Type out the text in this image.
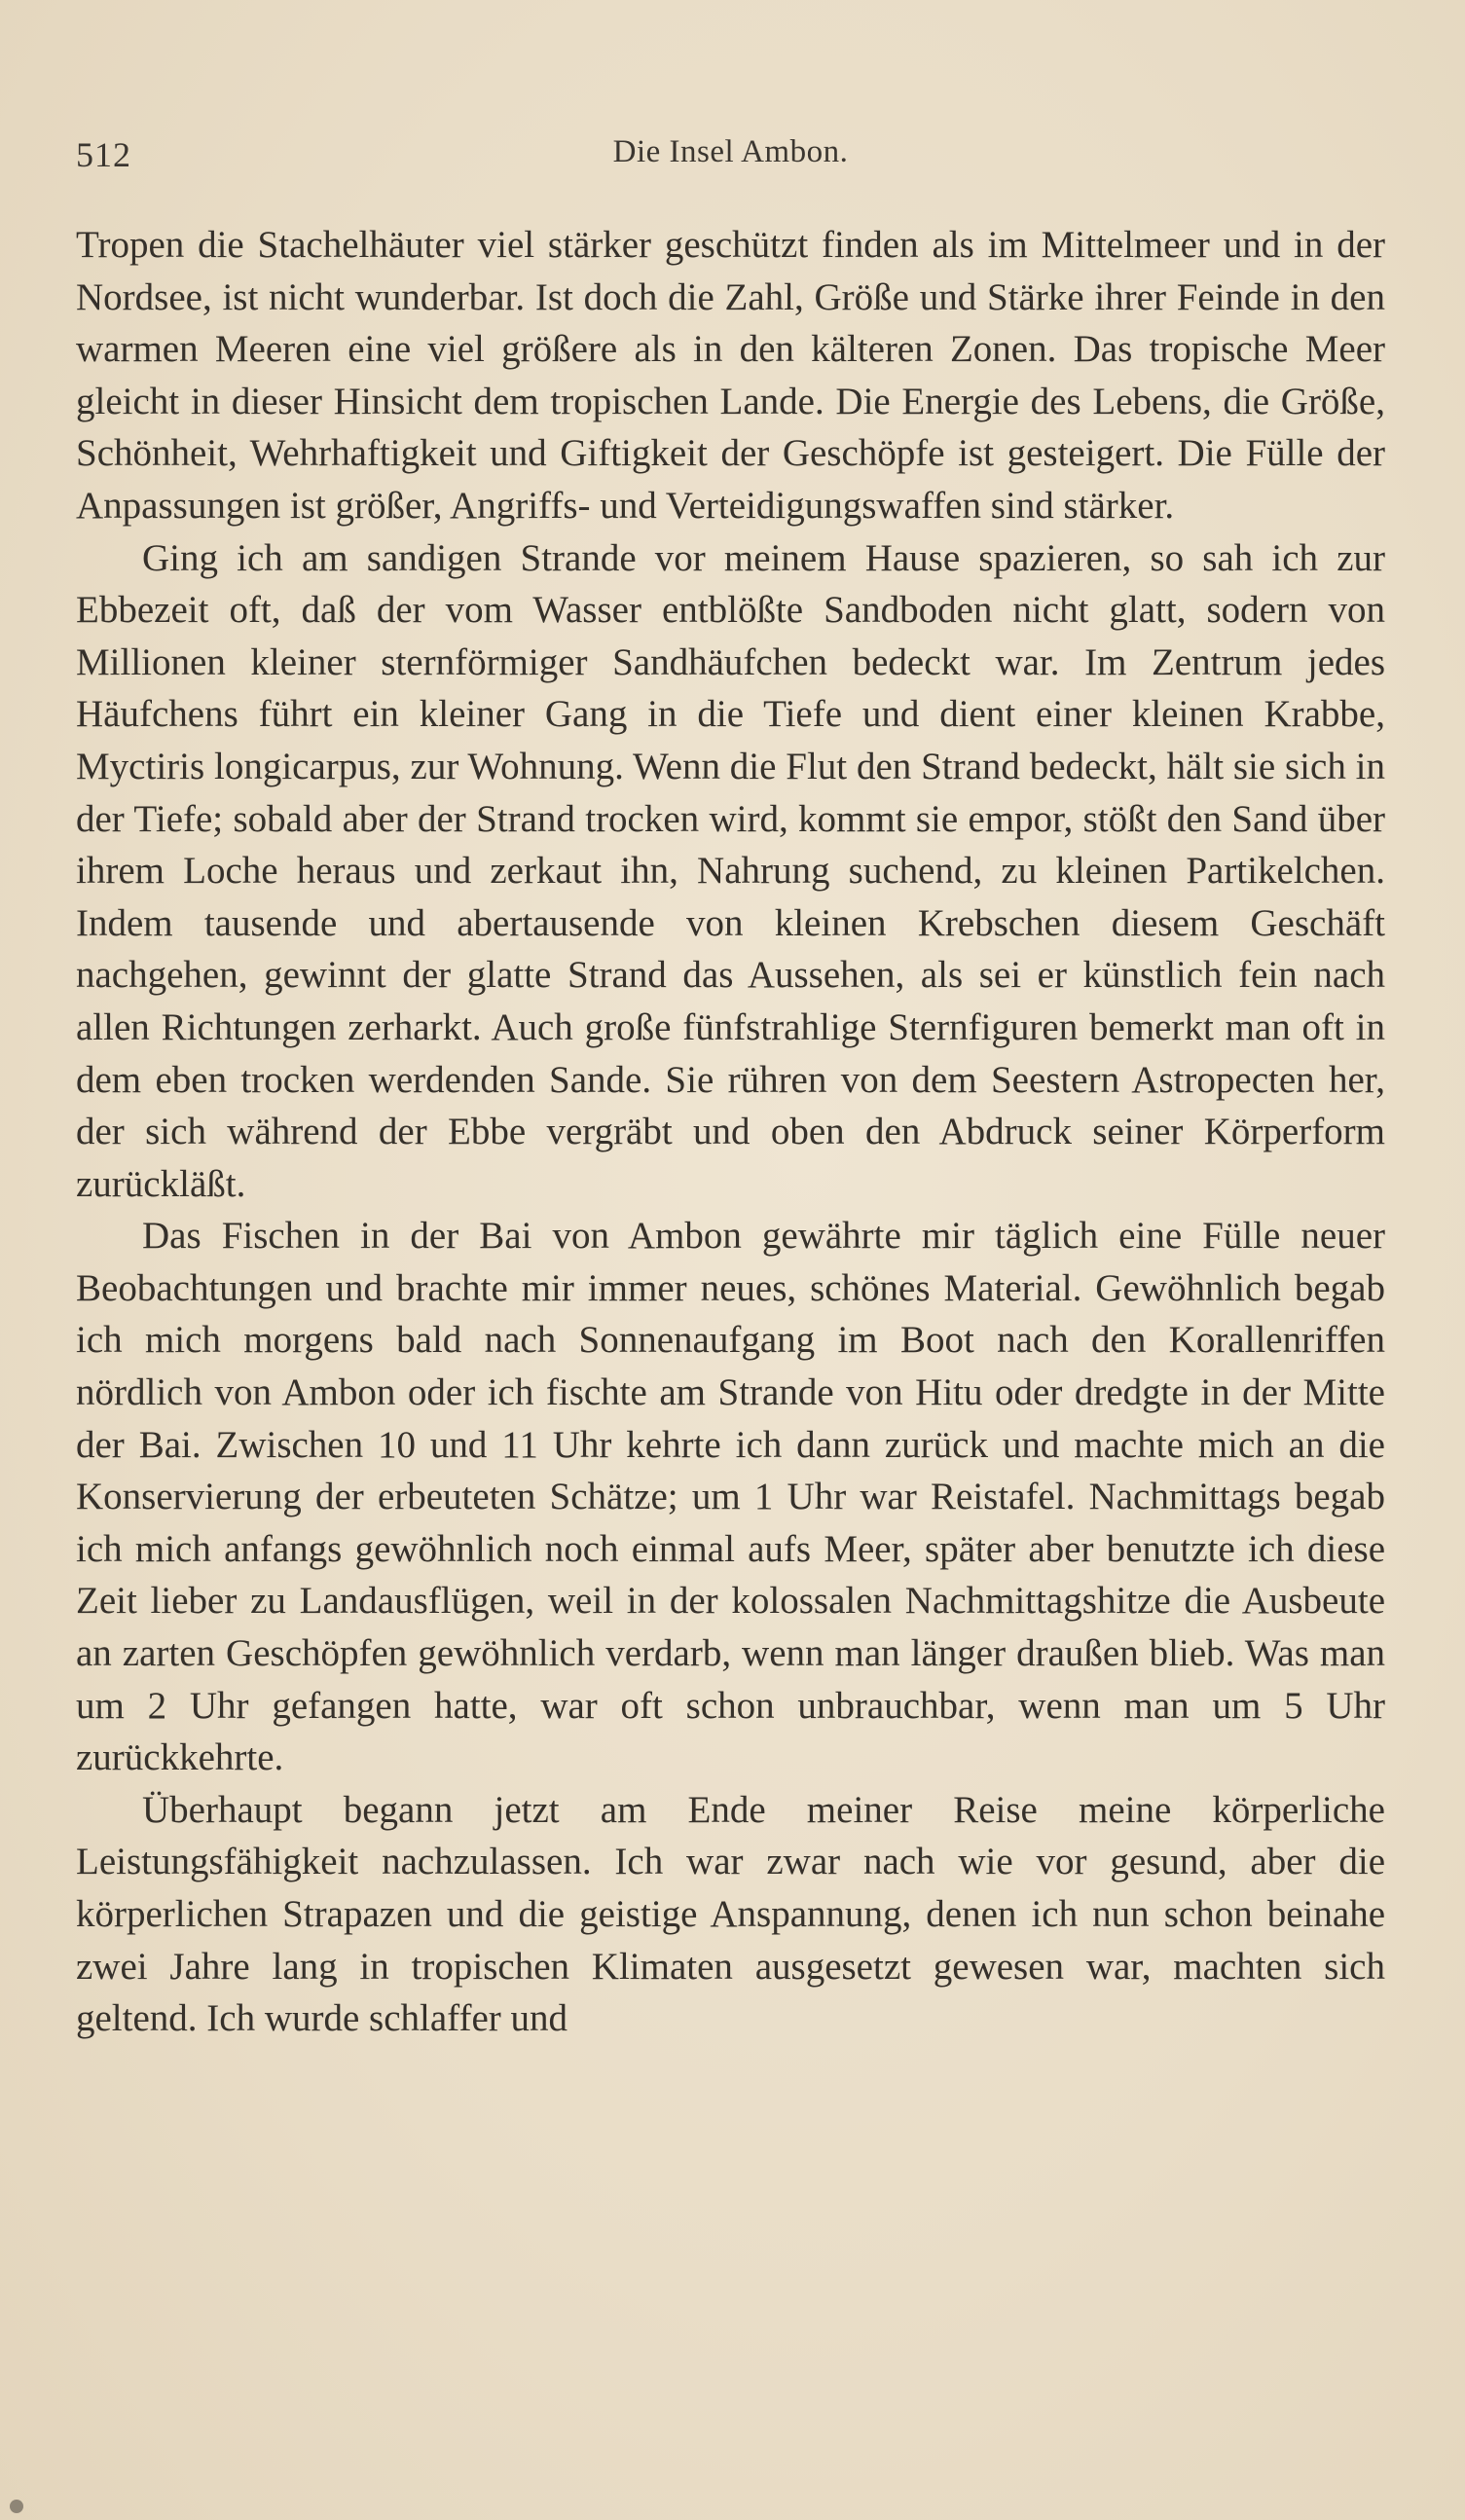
512	Die Insel Ambon.

Tropen die Stachelhäuter viel stärker geschützt finden als im Mittelmeer und in der Nordsee, ist nicht wunderbar. Ist doch die Zahl, Größe und Stärke ihrer Feinde in den warmen Meeren eine viel größere als in den kälteren Zonen. Das tropische Meer gleicht in dieser Hinsicht dem tropischen Lande. Die Energie des Lebens, die Größe, Schönheit, Wehrhaftigkeit und Giftigkeit der Geschöpfe ist gesteigert. Die Fülle der Anpassungen ist größer, Angriffs- und Verteidigungswaffen sind stärker.

Ging ich am sandigen Strande vor meinem Hause spazieren, so sah ich zur Ebbezeit oft, daß der vom Wasser entblößte Sandboden nicht glatt, sodern von Millionen kleiner sternförmiger Sandhäufchen bedeckt war. Im Zentrum jedes Häufchens führt ein kleiner Gang in die Tiefe und dient einer kleinen Krabbe, Myctiris longicarpus, zur Wohnung. Wenn die Flut den Strand bedeckt, hält sie sich in der Tiefe; sobald aber der Strand trocken wird, kommt sie empor, stößt den Sand über ihrem Loche heraus und zerkaut ihn, Nahrung suchend, zu kleinen Partikelchen. Indem tausende und abertausende von kleinen Krebschen diesem Geschäft nachgehen, gewinnt der glatte Strand das Aussehen, als sei er künstlich fein nach allen Richtungen zerharkt. Auch große fünfstrahlige Sternfiguren bemerkt man oft in dem eben trocken werdenden Sande. Sie rühren von dem Seestern Astropecten her, der sich während der Ebbe vergräbt und oben den Abdruck seiner Körperform zurückläßt.

Das Fischen in der Bai von Ambon gewährte mir täglich eine Fülle neuer Beobachtungen und brachte mir immer neues, schönes Material. Gewöhnlich begab ich mich morgens bald nach Sonnenaufgang im Boot nach den Korallenriffen nördlich von Ambon oder ich fischte am Strande von Hitu oder dredgte in der Mitte der Bai. Zwischen 10 und 11 Uhr kehrte ich dann zurück und machte mich an die Konservierung der erbeuteten Schätze; um 1 Uhr war Reistafel. Nachmittags begab ich mich anfangs gewöhnlich noch einmal aufs Meer, später aber benutzte ich diese Zeit lieber zu Landausflügen, weil in der kolossalen Nachmittagshitze die Ausbeute an zarten Geschöpfen gewöhnlich verdarb, wenn man länger draußen blieb. Was man um 2 Uhr gefangen hatte, war oft schon unbrauchbar, wenn man um 5 Uhr zurückkehrte.

Überhaupt begann jetzt am Ende meiner Reise meine körperliche Leistungsfähigkeit nachzulassen. Ich war zwar nach wie vor gesund, aber die körperlichen Strapazen und die geistige Anspannung, denen ich nun schon beinahe zwei Jahre lang in tropischen Klimaten ausgesetzt gewesen war, machten sich geltend. Ich wurde schlaffer und
